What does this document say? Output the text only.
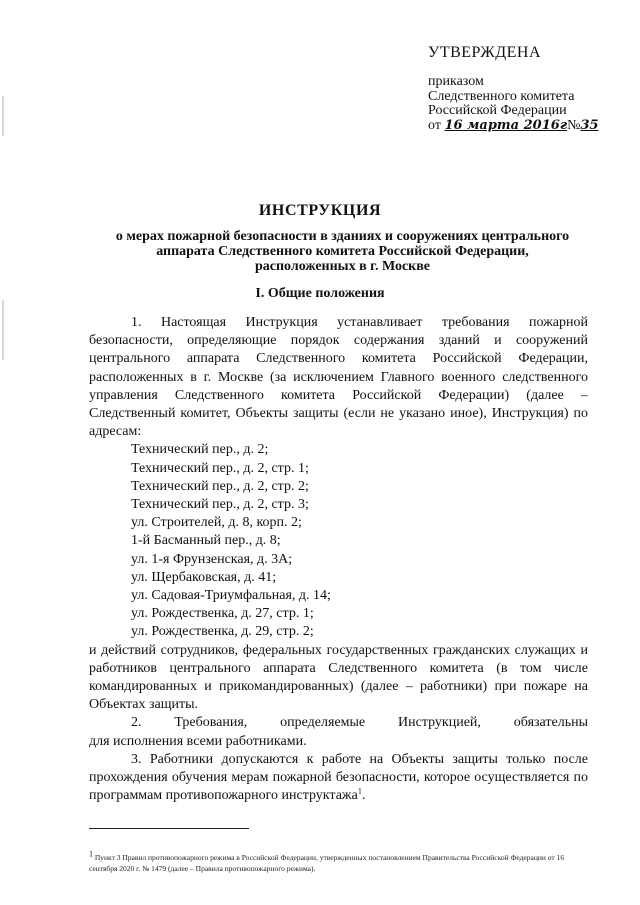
УТВЕРЖДЕНА
приказом
Следственного комитета
Российской Федерации
от 16 марта 2016г№35
ИНСТРУКЦИЯ
о мерах пожарной безопасности в зданиях и сооружениях центрального
аппарата Следственного комитета Российской Федерации,
расположенных в г. Москве
I. Общие положения

1. Настоящая Инструкция устанавливает требования пожарной безопасности, определяющие порядок содержания зданий и сооружений центрального аппарата Следственного комитета Российской Федерации, расположенных в г. Москве (за исключением Главного военного следственного управления Следственного комитета Российской Федерации) (далее – Следственный комитет, Объекты защиты (если не указано иное), Инструкция) по адресам:

Технический пер., д. 2;
Технический пер., д. 2, стр. 1;
Технический пер., д. 2, стр. 2;
Технический пер., д. 2, стр. 3;
ул. Строителей, д. 8, корп. 2;
1-й Басманный пер., д. 8;
ул. 1-я Фрунзенская, д. 3А;
ул. Щербаковская, д. 41;
ул. Садовая-Триумфальная, д. 14;
ул. Рождественка, д. 27, стр. 1;
ул. Рождественка, д. 29, стр. 2;

и действий сотрудников, федеральных государственных гражданских служащих и работников центрального аппарата Следственного комитета (в том числе командированных и прикомандированных) (далее – работники) при пожаре на Объектах защиты.

2. Требования, определяемые Инструкцией, обязательны

для исполнения всеми работниками.

3. Работники допускаются к работе на Объекты защиты только после прохождения обучения мерам пожарной безопасности, которое осуществляется по программам противопожарного инструктажа$^1$.

$^1$ Пункт 3 Правил противопожарного режима в Российской Федерации, утвержденных постановлением Правительства Российской Федерации от 16 сентября 2020 г. № 1479 (далее – Правила противопожарного режима).
